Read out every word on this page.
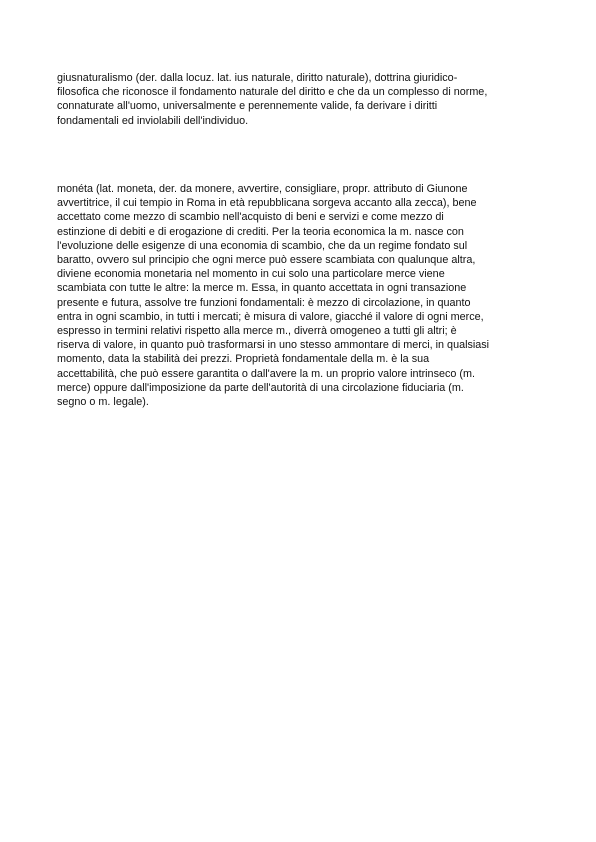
giusnaturalismo (der. dalla locuz. lat. ius naturale, diritto naturale), dottrina giuridico-
filosofica che riconosce il fondamento naturale del diritto e che da un complesso di norme,
connaturate all'uomo, universalmente e perennemente valide, fa derivare i diritti
fondamentali ed inviolabili dell'individuo.

monéta (lat. moneta, der. da monere, avvertire, consigliare, propr. attributo di Giunone
avvertitrice, il cui tempio in Roma in età repubblicana sorgeva accanto alla zecca), bene
accettato come mezzo di scambio nell'acquisto di beni e servizi e come mezzo di
estinzione di debiti e di erogazione di crediti. Per la teoria economica la m. nasce con
l'evoluzione delle esigenze di una economia di scambio, che da un regime fondato sul
baratto, ovvero sul principio che ogni merce può essere scambiata con qualunque altra,
diviene economia monetaria nel momento in cui solo una particolare merce viene
scambiata con tutte le altre: la merce m. Essa, in quanto accettata in ogni transazione
presente e futura, assolve tre funzioni fondamentali: è mezzo di circolazione, in quanto
entra in ogni scambio, in tutti i mercati; è misura di valore, giacché il valore di ogni merce,
espresso in termini relativi rispetto alla merce m., diverrà omogeneo a tutti gli altri; è
riserva di valore, in quanto può trasformarsi in uno stesso ammontare di merci, in qualsiasi
momento, data la stabilità dei prezzi. Proprietà fondamentale della m. è la sua
accettabilità, che può essere garantita o dall'avere la m. un proprio valore intrinseco (m.
merce) oppure dall'imposizione da parte dell'autorità di una circolazione fiduciaria (m.
segno o m. legale).
